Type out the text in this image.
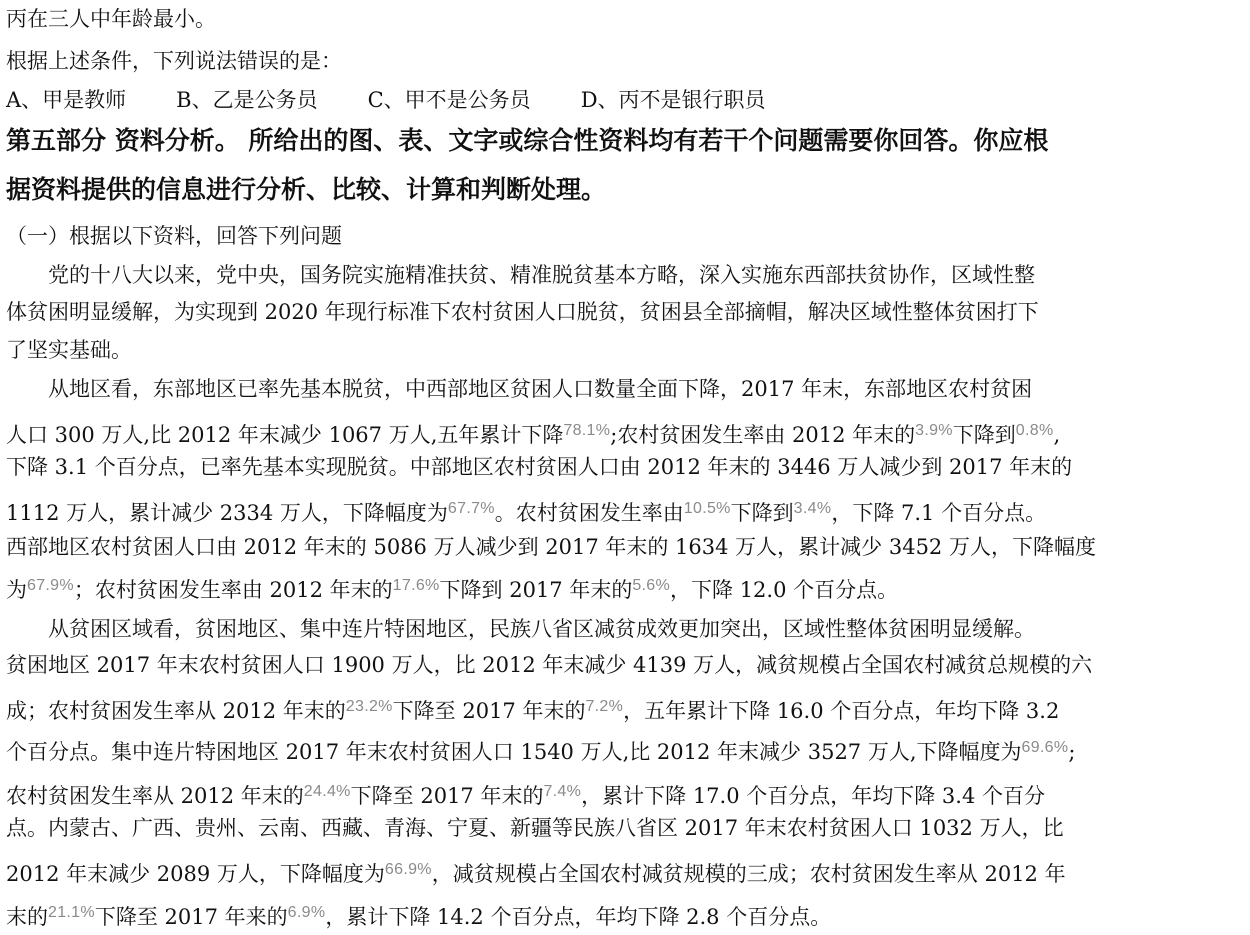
丙在三人中年龄最小。
根据上述条件，下列说法错误的是：
A、甲是教师 B、乙是公务员 C、甲不是公务员 D、丙不是银行职员
第五部分 资料分析。 所给出的图、表、文字或综合性资料均有若干个问题需要你回答。你应根
据资料提供的信息进行分析、比较、计算和判断处理。
（一）根据以下资料，回答下列问题
　　党的十八大以来，党中央，国务院实施精准扶贫、精准脱贫基本方略，深入实施东西部扶贫协作，区域性整
体贫困明显缓解，为实现到 2020 年现行标准下农村贫困人口脱贫，贫困县全部摘帽，解决区域性整体贫困打下
了坚实基础。
　　从地区看，东部地区已率先基本脱贫，中西部地区贫困人口数量全面下降，2017 年末，东部地区农村贫困
人口 300 万人,比 2012 年末减少 1067 万人,五年累计下降$^{78.1\%}$;农村贫困发生率由 2012 年末的$^{3.9\%}$下降到$^{0.8\%}$,
下降 3.1 个百分点，已率先基本实现脱贫。中部地区农村贫困人口由 2012 年末的 3446 万人减少到 2017 年末的
1112 万人，累计减少 2334 万人，下降幅度为$^{67.7\%}$。农村贫困发生率由$^{10.5\%}$下降到$^{3.4\%}$，下降 7.1 个百分点。
西部地区农村贫困人口由 2012 年末的 5086 万人减少到 2017 年末的 1634 万人，累计减少 3452 万人，下降幅度
为$^{67.9\%}$；农村贫困发生率由 2012 年末的$^{17.6\%}$下降到 2017 年末的$^{5.6\%}$，下降 12.0 个百分点。
　　从贫困区域看，贫困地区、集中连片特困地区，民族八省区减贫成效更加突出，区域性整体贫困明显缓解。
贫困地区 2017 年末农村贫困人口 1900 万人，比 2012 年末减少 4139 万人，减贫规模占全国农村减贫总规模的六
成；农村贫困发生率从 2012 年末的$^{23.2\%}$下降至 2017 年末的$^{7.2\%}$，五年累计下降 16.0 个百分点，年均下降 3.2
个百分点。集中连片特困地区 2017 年末农村贫困人口 1540 万人,比 2012 年末减少 3527 万人,下降幅度为$^{69.6\%}$;
农村贫困发生率从 2012 年末的$^{24.4\%}$下降至 2017 年末的$^{7.4\%}$，累计下降 17.0 个百分点，年均下降 3.4 个百分
点。内蒙古、广西、贵州、云南、西藏、青海、宁夏、新疆等民族八省区 2017 年末农村贫困人口 1032 万人，比
2012 年末减少 2089 万人，下降幅度为$^{66.9\%}$，减贫规模占全国农村减贫规模的三成；农村贫困发生率从 2012 年
末的$^{21.1\%}$下降至 2017 年来的$^{6.9\%}$，累计下降 14.2 个百分点，年均下降 2.8 个百分点。
